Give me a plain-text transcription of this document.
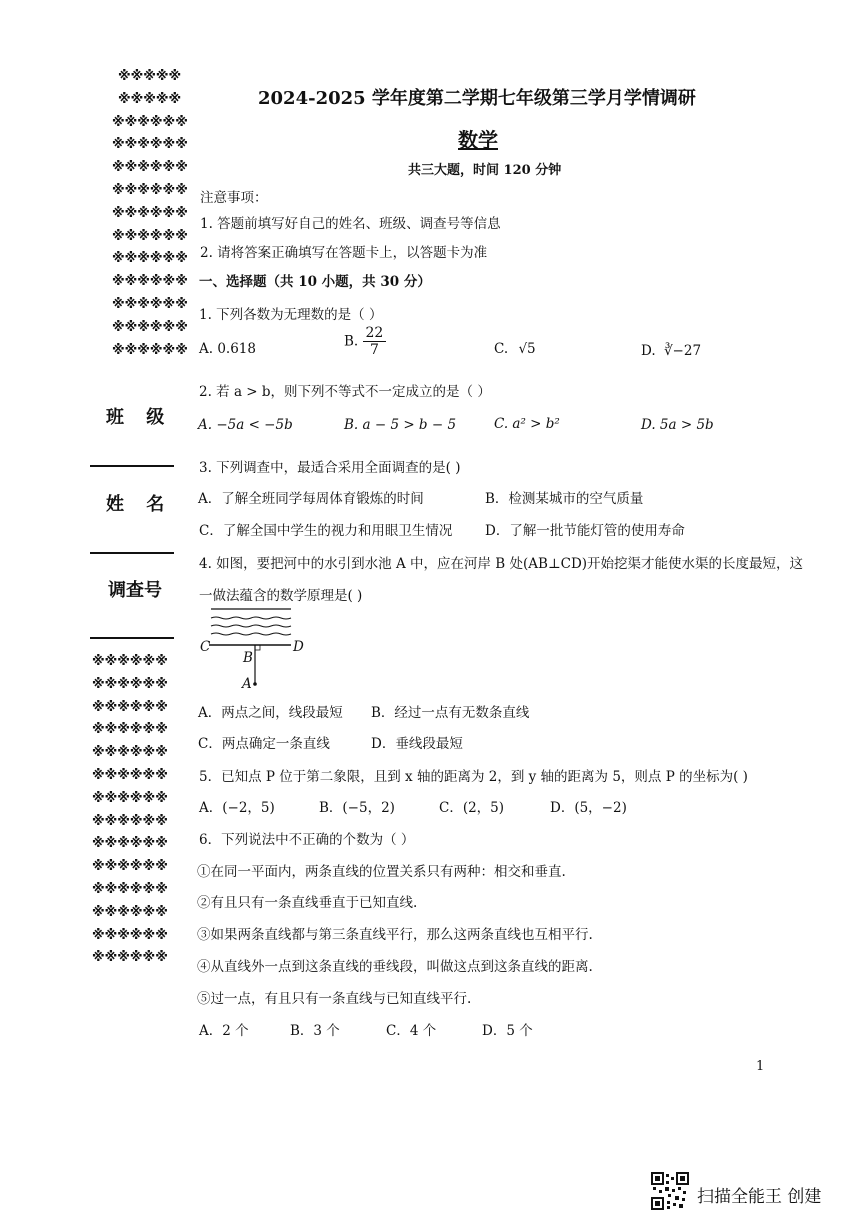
※※※※※
※※※※※
※※※※※※
※※※※※※
※※※※※※
※※※※※※
※※※※※※
※※※※※※
※※※※※※
※※※※※※
※※※※※※
※※※※※※
※※※※※※
班 级
姓 名
调查号
※※※※※※
※※※※※※
※※※※※※
※※※※※※
※※※※※※
※※※※※※
※※※※※※
※※※※※※
※※※※※※
※※※※※※
※※※※※※
※※※※※※
※※※※※※
※※※※※※
2024-2025 学年度第二学期七年级第三学月学情调研
数学
共三大题，时间 120 分钟
注意事项：
1. 答题前填写好自己的姓名、班级、调查号等信息
2. 请将答案正确填写在答题卡上，以答题卡为准
一、选择题（共 10 小题，共 30 分）
1. 下列各数为无理数的是（ ）
A. 0.618	B. $\frac{22}{7}$	C. √5	D. ∛−27
2. 若 a > b，则下列不等式不一定成立的是（ ）
A. −5a < −5b	B. a − 5 > b − 5	C. a² > b²	D. 5a > 5b
3. 下列调查中，最适合采用全面调查的是( )
A．了解全班同学每周体育锻炼的时间	B．检测某城市的空气质量
C．了解全国中学生的视力和用眼卫生情况 D．了解一批节能灯管的使用寿命
4. 如图，要把河中的水引到水池 A 中，应在河岸 B 处(AB⊥CD)开始挖渠才能使水渠的长度最短，这
一做法蕴含的数学原理是( )
C	D
B
A
A．两点之间，线段最短 B．经过一点有无数条直线
C．两点确定一条直线	D．垂线段最短
5．已知点 P 位于第二象限，且到 x 轴的距离为 2，到 y 轴的距离为 5，则点 P 的坐标为( )
A．(−2，5)	B．(−5，2)	C．(2，5)	D．(5，−2)
6．下列说法中不正确的个数为（ ）
①在同一平面内，两条直线的位置关系只有两种：相交和垂直.
②有且只有一条直线垂直于已知直线.
③如果两条直线都与第三条直线平行，那么这两条直线也互相平行.
④从直线外一点到这条直线的垂线段，叫做这点到这条直线的距离.
⑤过一点，有且只有一条直线与已知直线平行.
A．2 个	B．3 个	C．4 个	D．5 个
1
扫描全能王 创建
